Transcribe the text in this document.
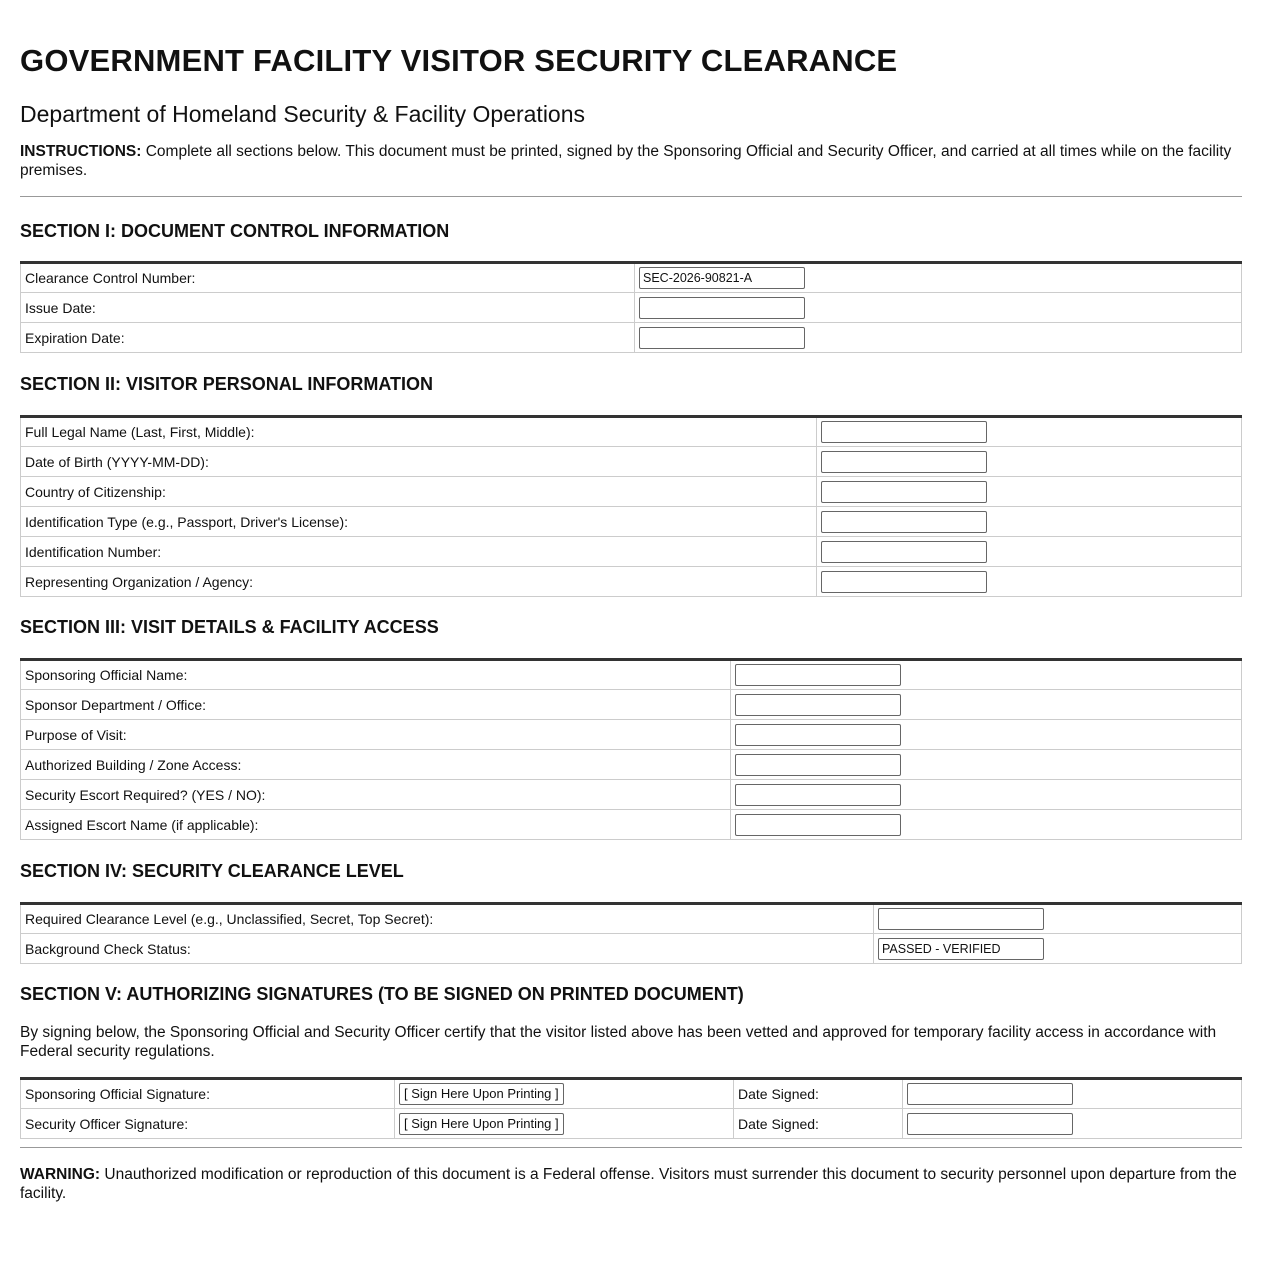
GOVERNMENT FACILITY VISITOR SECURITY CLEARANCE
Department of Homeland Security & Facility Operations
INSTRUCTIONS: Complete all sections below. This document must be printed, signed by the Sponsoring Official and Security Officer, and carried at all times while on the facility premises.
SECTION I: DOCUMENT CONTROL INFORMATION
Clearance Control Number:	SEC-2026-90821-A
Issue Date:	
Expiration Date:	
SECTION II: VISITOR PERSONAL INFORMATION
Full Legal Name (Last, First, Middle):	
Date of Birth (YYYY-MM-DD):	
Country of Citizenship:	
Identification Type (e.g., Passport, Driver's License):	
Identification Number:	
Representing Organization / Agency:	
SECTION III: VISIT DETAILS & FACILITY ACCESS
Sponsoring Official Name:	
Sponsor Department / Office:	
Purpose of Visit:	
Authorized Building / Zone Access:	
Security Escort Required? (YES / NO):	
Assigned Escort Name (if applicable):	
SECTION IV: SECURITY CLEARANCE LEVEL
Required Clearance Level (e.g., Unclassified, Secret, Top Secret):	
Background Check Status:	PASSED - VERIFIED
SECTION V: AUTHORIZING SIGNATURES (TO BE SIGNED ON PRINTED DOCUMENT)
By signing below, the Sponsoring Official and Security Officer certify that the visitor listed above has been vetted and approved for temporary facility access in accordance with Federal security regulations.
Sponsoring Official Signature:	[ Sign Here Upon Printing ]	Date Signed:	
Security Officer Signature:	[ Sign Here Upon Printing ]	Date Signed:	
WARNING: Unauthorized modification or reproduction of this document is a Federal offense. Visitors must surrender this document to security personnel upon departure from the facility.
